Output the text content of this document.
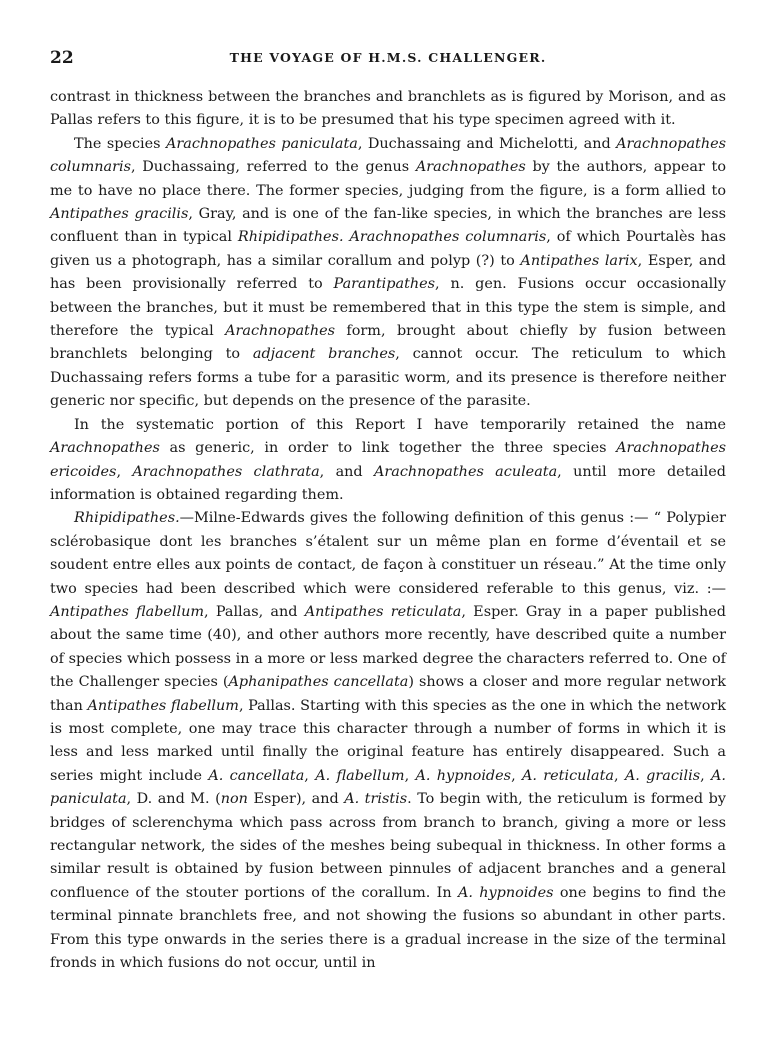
22	THE VOYAGE OF H.M.S. CHALLENGER.

contrast in thickness between the branches and branchlets as is figured by Morison, and as Pallas refers to this figure, it is to be presumed that his type specimen agreed with it.

The species Arachnopathes paniculata, Duchassaing and Michelotti, and Arachnopathes columnaris, Duchassaing, referred to the genus Arachnopathes by the authors, appear to me to have no place there. The former species, judging from the figure, is a form allied to Antipathes gracilis, Gray, and is one of the fan-like species, in which the branches are less confluent than in typical Rhipidipathes. Arachnopathes columnaris, of which Pourtalès has given us a photograph, has a similar corallum and polyp (?) to Antipathes larix, Esper, and has been provisionally referred to Parantipathes, n. gen. Fusions occur occasionally between the branches, but it must be remembered that in this type the stem is simple, and therefore the typical Arachnopathes form, brought about chiefly by fusion between branchlets belonging to adjacent branches, cannot occur. The reticulum to which Duchassaing refers forms a tube for a parasitic worm, and its presence is therefore neither generic nor specific, but depends on the presence of the parasite.

In the systematic portion of this Report I have temporarily retained the name Arachnopathes as generic, in order to link together the three species Arachnopathes ericoides, Arachnopathes clathrata, and Arachnopathes aculeata, until more detailed information is obtained regarding them.

Rhipidipathes.—Milne-Edwards gives the following definition of this genus :— “ Polypier sclérobasique dont les branches s’étalent sur un même plan en forme d’éventail et se soudent entre elles aux points de contact, de façon à constituer un réseau.” At the time only two species had been described which were considered referable to this genus, viz. :—Antipathes flabellum, Pallas, and Antipathes reticulata, Esper. Gray in a paper published about the same time (40), and other authors more recently, have described quite a number of species which possess in a more or less marked degree the characters referred to. One of the Challenger species (Aphanipathes cancellata) shows a closer and more regular network than Antipathes flabellum, Pallas. Starting with this species as the one in which the network is most complete, one may trace this character through a number of forms in which it is less and less marked until finally the original feature has entirely disappeared. Such a series might include A. cancellata, A. flabellum, A. hypnoides, A. reticulata, A. gracilis, A. paniculata, D. and M. (non Esper), and A. tristis. To begin with, the reticulum is formed by bridges of sclerenchyma which pass across from branch to branch, giving a more or less rectangular network, the sides of the meshes being subequal in thickness. In other forms a similar result is obtained by fusion between pinnules of adjacent branches and a general confluence of the stouter portions of the corallum. In A. hypnoides one begins to find the terminal pinnate branchlets free, and not showing the fusions so abundant in other parts. From this type onwards in the series there is a gradual increase in the size of the terminal fronds in which fusions do not occur, until in
